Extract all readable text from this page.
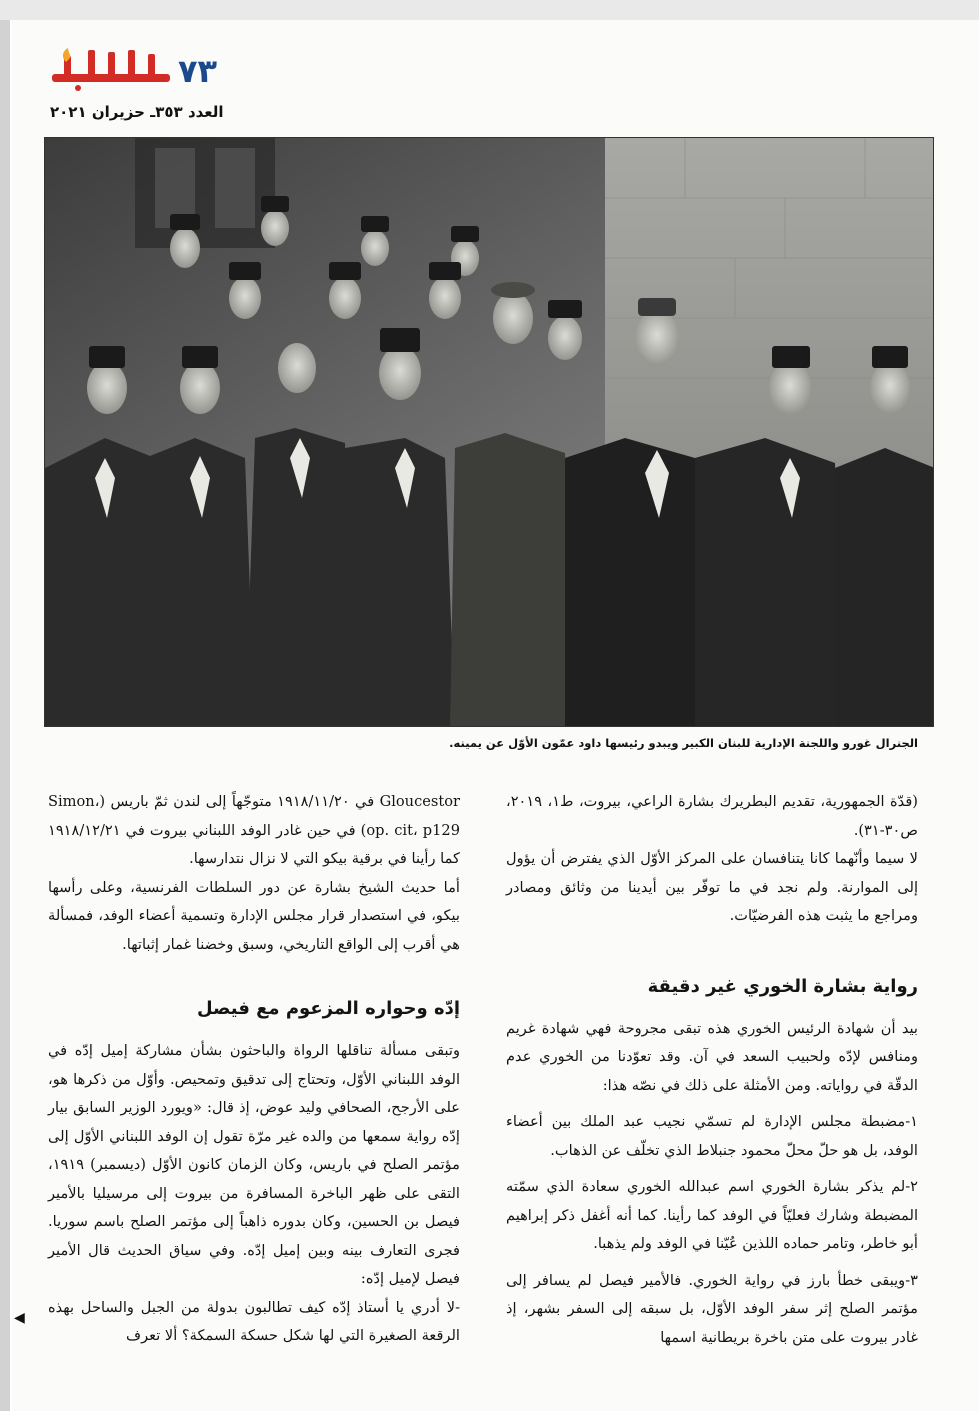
الامن
٧٣
العدد ٣٥٣ـ حزيران ٢٠٢١
الجنرال غورو واللجنة الإدارية للبنان الكبير ويبدو رئيسها داود عمّون الأوّل عن يمينه.

(قدّة الجمهورية، تقديم البطريرك بشارة الراعي، بيروت، ط١، ٢٠١٩، ص٣٠-٣١).

لا سيما وأنّهما كانا يتنافسان على المركز الأوّل الذي يفترض أن يؤول إلى الموارنة. ولم نجد في ما توفّر بين أيدينا من وثائق ومصادر ومراجع ما يثبت هذه الفرضيّات.

رواية بشارة الخوري غير دقيقة

بيد أن شهادة الرئيس الخوري هذه تبقى مجروحة فهي شهادة غريم ومنافس لإدّه ولحبيب السعد في آن. وقد تعوّدنا من الخوري عدم الدقّة في رواياته. ومن الأمثلة على ذلك في نصّه هذا:

١-مضبطة مجلس الإدارة لم تسمّي نجيب عبد الملك بين أعضاء الوفد، بل هو حلّ محلّ محمود جنبلاط الذي تخلّف عن الذهاب.

٢-لم يذكر بشارة الخوري اسم عبدالله الخوري سعادة الذي سمّته المضبطة وشارك فعليّاً في الوفد كما رأينا. كما أنه أغفل ذكر إبراهيم أبو خاطر، وتامر حماده اللذين عُيّنا في الوفد ولم يذهبا.

٣-ويبقى خطأ بارز في رواية الخوري. فالأمير فيصل لم يسافر إلى مؤتمر الصلح إثر سفر الوفد الأوّل، بل سبقه إلى السفر بشهر، إذ غادر بيروت على متن باخرة بريطانية اسمها

Gloucestor في ١٩١٨/١١/٢٠ متوجّهاً إلى لندن ثمّ باريس (Simon، op. cit، p129) في حين غادر الوفد اللبناني بيروت في ١٩١٨/١٢/٢١ كما رأينا في برقية بيكو التي لا نزال نتدارسها.

أما حديث الشيخ بشارة عن دور السلطات الفرنسية، وعلى رأسها بيكو، في استصدار قرار مجلس الإدارة وتسمية أعضاء الوفد، فمسألة هي أقرب إلى الواقع التاريخي، وسبق وخضنا غمار إثباتها.

إدّه وحواره المزعوم مع فيصل

وتبقى مسألة تناقلها الرواة والباحثون بشأن مشاركة إميل إدّه في الوفد اللبناني الأوّل، وتحتاج إلى تدقيق وتمحيص. وأوّل من ذكرها هو، على الأرجح، الصحافي وليد عوض، إذ قال: «ويورد الوزير السابق بيار إدّه رواية سمعها من والده غير مرّة تقول إن الوفد اللبناني الأوّل إلى مؤتمر الصلح في باريس، وكان الزمان كانون الأوّل (ديسمبر) ١٩١٩، التقى على ظهر الباخرة المسافرة من بيروت إلى مرسيليا بالأمير فيصل بن الحسين، وكان بدوره ذاهباً إلى مؤتمر الصلح باسم سوريا. فجرى التعارف بينه وبين إميل إدّه. وفي سياق الحديث قال الأمير فيصل لإميل إدّه:

-لا أدري يا أستاذ إدّه كيف تطالبون بدولة من الجبل والساحل بهذه الرقعة الصغيرة التي لها شكل حسكة السمكة؟ ألا تعرف

◀
